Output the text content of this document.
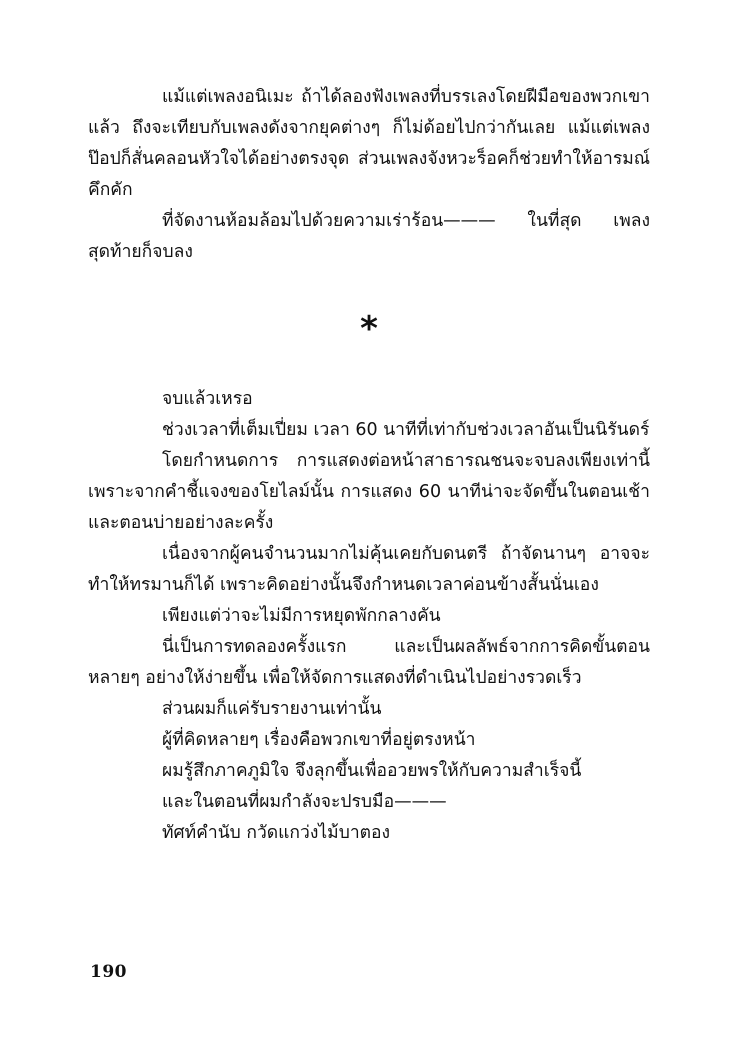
แม้แต่เพลงอนิเมะ ถ้าได้ลองฟังเพลงที่บรรเลงโดยฝีมือของพวกเขาแล้ว ถึงจะเทียบกับเพลงดังจากยุคต่างๆ ก็ไม่ด้อยไปกว่ากันเลย แม้แต่เพลงป๊อปก็สั่นคลอนหัวใจได้อย่างตรงจุด ส่วนเพลงจังหวะร็อคก็ช่วยทำให้อารมณ์คึกคัก

ที่จัดงานห้อมล้อมไปด้วยความเร่าร้อน——— ในที่สุด เพลงสุดท้ายก็จบลง

*

จบแล้วเหรอ

ช่วงเวลาที่เต็มเปี่ยม เวลา 60 นาทีที่เท่ากับช่วงเวลาอันเป็นนิรันดร์

โดยกำหนดการ การแสดงต่อหน้าสาธารณชนจะจบลงเพียงเท่านี้ เพราะจากคำชี้แจงของโยไลม์นั้น การแสดง 60 นาทีน่าจะจัดขึ้นในตอนเช้าและตอนบ่ายอย่างละครั้ง

เนื่องจากผู้คนจำนวนมากไม่คุ้นเคยกับดนตรี ถ้าจัดนานๆ อาจจะทำให้ทรมานก็ได้ เพราะคิดอย่างนั้นจึงกำหนดเวลาค่อนข้างสั้นนั่นเอง

เพียงแต่ว่าจะไม่มีการหยุดพักกลางคัน

นี่เป็นการทดลองครั้งแรก และเป็นผลลัพธ์จากการคิดขั้นตอนหลายๆ อย่างให้ง่ายขึ้น เพื่อให้จัดการแสดงที่ดำเนินไปอย่างรวดเร็ว

ส่วนผมก็แค่รับรายงานเท่านั้น

ผู้ที่คิดหลายๆ เรื่องคือพวกเขาที่อยู่ตรงหน้า

ผมรู้สึกภาคภูมิใจ จึงลุกขึ้นเพื่ออวยพรให้กับความสำเร็จนี้

และในตอนที่ผมกำลังจะปรบมือ———

ทัศท์คำนับ กวัดแกว่งไม้บาตอง

190
